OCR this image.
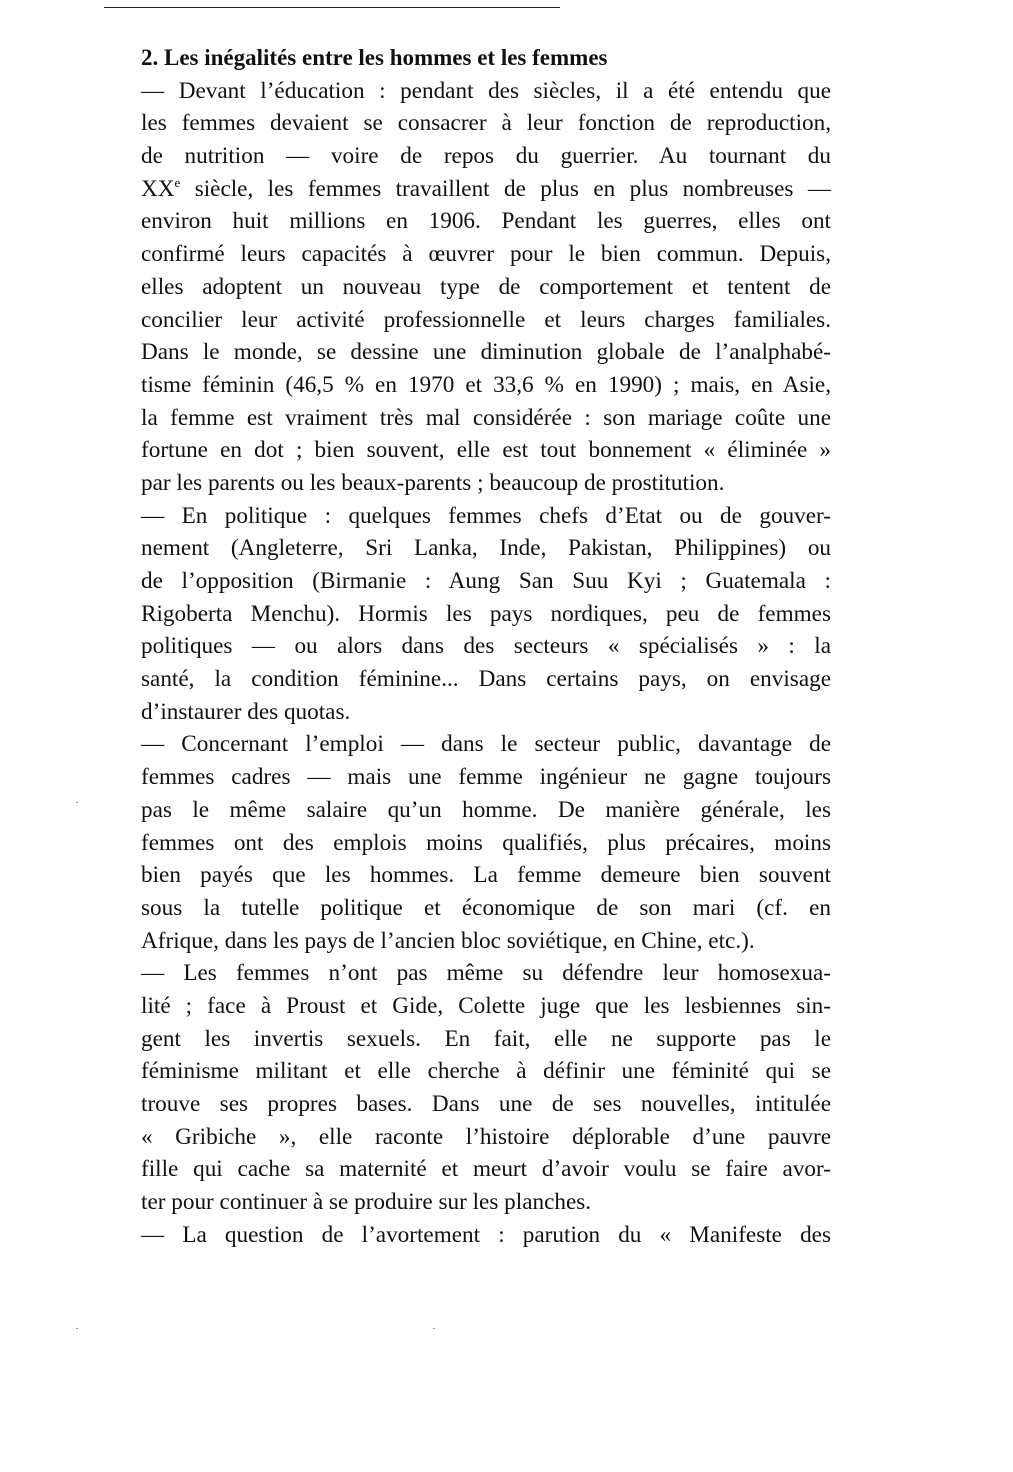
2. Les inégalités entre les hommes et les femmes
— Devant l’éducation : pendant des siècles, il a été entendu que
les femmes devaient se consacrer à leur fonction de reproduction,
de nutrition — voire de repos du guerrier. Au tournant du
XXe siècle, les femmes travaillent de plus en plus nombreuses —
environ huit millions en 1906. Pendant les guerres, elles ont
confirmé leurs capacités à œuvrer pour le bien commun. Depuis,
elles adoptent un nouveau type de comportement et tentent de
concilier leur activité professionnelle et leurs charges familiales.
Dans le monde, se dessine une diminution globale de l’analphabé-
tisme féminin (46,5 % en 1970 et 33,6 % en 1990) ; mais, en Asie,
la femme est vraiment très mal considérée : son mariage coûte une
fortune en dot ; bien souvent, elle est tout bonnement « éliminée »
par les parents ou les beaux-parents ; beaucoup de prostitution.
— En politique : quelques femmes chefs d’Etat ou de gouver-
nement (Angleterre, Sri Lanka, Inde, Pakistan, Philippines) ou
de l’opposition (Birmanie : Aung San Suu Kyi ; Guatemala :
Rigoberta Menchu). Hormis les pays nordiques, peu de femmes
politiques — ou alors dans des secteurs « spécialisés » : la
santé, la condition féminine... Dans certains pays, on envisage
d’instaurer des quotas.
— Concernant l’emploi — dans le secteur public, davantage de
femmes cadres — mais une femme ingénieur ne gagne toujours
pas le même salaire qu’un homme. De manière générale, les
femmes ont des emplois moins qualifiés, plus précaires, moins
bien payés que les hommes. La femme demeure bien souvent
sous la tutelle politique et économique de son mari (cf. en
Afrique, dans les pays de l’ancien bloc soviétique, en Chine, etc.).
— Les femmes n’ont pas même su défendre leur homosexua-
lité ; face à Proust et Gide, Colette juge que les lesbiennes sin-
gent les invertis sexuels. En fait, elle ne supporte pas le
féminisme militant et elle cherche à définir une féminité qui se
trouve ses propres bases. Dans une de ses nouvelles, intitulée
« Gribiche », elle raconte l’histoire déplorable d’une pauvre
fille qui cache sa maternité et meurt d’avoir voulu se faire avor-
ter pour continuer à se produire sur les planches.
— La question de l’avortement : parution du « Manifeste des
